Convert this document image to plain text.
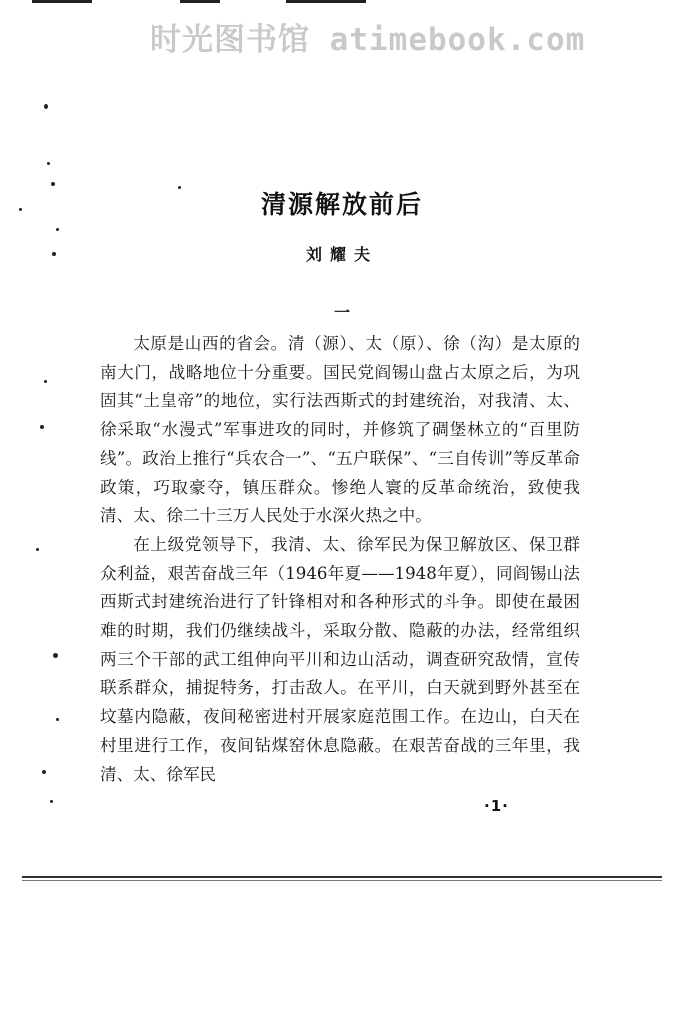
时光图书馆 atimebook.com
清源解放前后
刘耀夫
一

太原是山西的省会。清（源）、太（原）、徐（沟）是太原的南大门，战略地位十分重要。国民党阎锡山盘占太原之后，为巩固其“土皇帝”的地位，实行法西斯式的封建统治，对我清、太、徐采取“水漫式”军事进攻的同时，并修筑了碉堡林立的“百里防线”。政治上推行“兵农合一”、“五户联保”、“三自传训”等反革命政策，巧取豪夺，镇压群众。惨绝人寰的反革命统治，致使我清、太、徐二十三万人民处于水深火热之中。

在上级党领导下，我清、太、徐军民为保卫解放区、保卫群众利益，艰苦奋战三年（1946年夏——1948年夏），同阎锡山法西斯式封建统治进行了针锋相对和各种形式的斗争。即使在最困难的时期，我们仍继续战斗，采取分散、隐蔽的办法，经常组织两三个干部的武工组伸向平川和边山活动，调查研究敌情，宣传联系群众，捕捉特务，打击敌人。在平川，白天就到野外甚至在坟墓内隐蔽，夜间秘密进村开展家庭范围工作。在边山，白天在村里进行工作，夜间钻煤窑休息隐蔽。在艰苦奋战的三年里，我清、太、徐军民

·1·
